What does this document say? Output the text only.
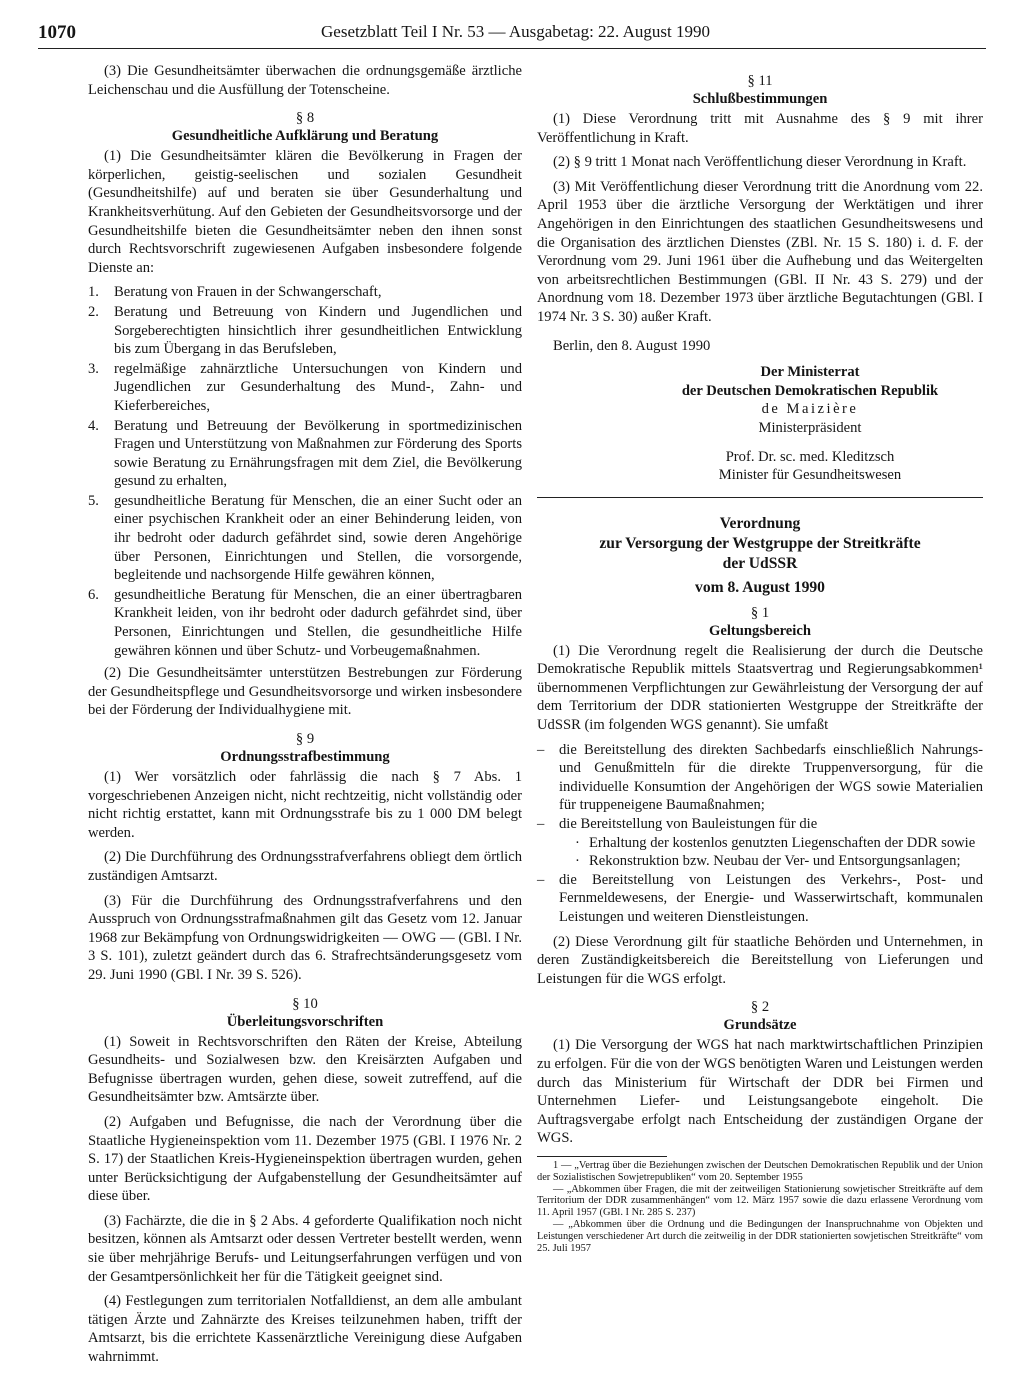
1070	Gesetzblatt Teil I Nr. 53 — Ausgabetag: 22. August 1990

(3) Die Gesundheitsämter überwachen die ordnungsgemäße ärztliche Leichenschau und die Ausfüllung der Totenscheine.

§ 8
Gesundheitliche Aufklärung und Beratung

(1) Die Gesundheitsämter klären die Bevölkerung in Fragen der körperlichen, geistig-seelischen und sozialen Gesundheit (Gesundheitshilfe) auf und beraten sie über Gesunderhaltung und Krankheitsverhütung. Auf den Gebieten der Gesundheitsvorsorge und der Gesundheitshilfe bieten die Gesundheitsämter neben den ihnen sonst durch Rechtsvorschrift zugewiesenen Aufgaben insbesondere folgende Dienste an:

1. Beratung von Frauen in der Schwangerschaft,
2. Beratung und Betreuung von Kindern und Jugendlichen und Sorgeberechtigten hinsichtlich ihrer gesundheitlichen Entwicklung bis zum Übergang in das Berufsleben,
3. regelmäßige zahnärztliche Untersuchungen von Kindern und Jugendlichen zur Gesunderhaltung des Mund-, Zahn- und Kieferbereiches,
4. Beratung und Betreuung der Bevölkerung in sportmedizinischen Fragen und Unterstützung von Maßnahmen zur Förderung des Sports sowie Beratung zu Ernährungsfragen mit dem Ziel, die Bevölkerung gesund zu erhalten,
5. gesundheitliche Beratung für Menschen, die an einer Sucht oder an einer psychischen Krankheit oder an einer Behinderung leiden, von ihr bedroht oder dadurch gefährdet sind, sowie deren Angehörige über Personen, Einrichtungen und Stellen, die vorsorgende, begleitende und nachsorgende Hilfe gewähren können,
6. gesundheitliche Beratung für Menschen, die an einer übertragbaren Krankheit leiden, von ihr bedroht oder dadurch gefährdet sind, über Personen, Einrichtungen und Stellen, die gesundheitliche Hilfe gewähren können und über Schutz- und Vorbeugemaßnahmen.

(2) Die Gesundheitsämter unterstützen Bestrebungen zur Förderung der Gesundheitspflege und Gesundheitsvorsorge und wirken insbesondere bei der Förderung der Individualhygiene mit.

§ 9
Ordnungsstrafbestimmung

(1) Wer vorsätzlich oder fahrlässig die nach § 7 Abs. 1 vorgeschriebenen Anzeigen nicht, nicht rechtzeitig, nicht vollständig oder nicht richtig erstattet, kann mit Ordnungsstrafe bis zu 1 000 DM belegt werden.

(2) Die Durchführung des Ordnungsstrafverfahrens obliegt dem örtlich zuständigen Amtsarzt.

(3) Für die Durchführung des Ordnungsstrafverfahrens und den Ausspruch von Ordnungsstrafmaßnahmen gilt das Gesetz vom 12. Januar 1968 zur Bekämpfung von Ordnungswidrigkeiten — OWG — (GBl. I Nr. 3 S. 101), zuletzt geändert durch das 6. Strafrechtsänderungsgesetz vom 29. Juni 1990 (GBl. I Nr. 39 S. 526).

§ 10
Überleitungsvorschriften

(1) Soweit in Rechtsvorschriften den Räten der Kreise, Abteilung Gesundheits- und Sozialwesen bzw. den Kreisärzten Aufgaben und Befugnisse übertragen wurden, gehen diese, soweit zutreffend, auf die Gesundheitsämter bzw. Amtsärzte über.

(2) Aufgaben und Befugnisse, die nach der Verordnung über die Staatliche Hygieneinspektion vom 11. Dezember 1975 (GBl. I 1976 Nr. 2 S. 17) der Staatlichen Kreis-Hygieneinspektion übertragen wurden, gehen unter Berücksichtigung der Aufgabenstellung der Gesundheitsämter auf diese über.

(3) Fachärzte, die die in § 2 Abs. 4 geforderte Qualifikation noch nicht besitzen, können als Amtsarzt oder dessen Vertreter bestellt werden, wenn sie über mehrjährige Berufs- und Leitungserfahrungen verfügen und von der Gesamtpersönlichkeit her für die Tätigkeit geeignet sind.

(4) Festlegungen zum territorialen Notfalldienst, an dem alle ambulant tätigen Ärzte und Zahnärzte des Kreises teilzunehmen haben, trifft der Amtsarzt, bis die errichtete Kassenärztliche Vereinigung diese Aufgaben wahrnimmt.

§ 11
Schlußbestimmungen

(1) Diese Verordnung tritt mit Ausnahme des § 9 mit ihrer Veröffentlichung in Kraft.

(2) § 9 tritt 1 Monat nach Veröffentlichung dieser Verordnung in Kraft.

(3) Mit Veröffentlichung dieser Verordnung tritt die Anordnung vom 22. April 1953 über die ärztliche Versorgung der Werktätigen und ihrer Angehörigen in den Einrichtungen des staatlichen Gesundheitswesens und die Organisation des ärztlichen Dienstes (ZBl. Nr. 15 S. 180) i. d. F. der Verordnung vom 29. Juni 1961 über die Aufhebung und das Weitergelten von arbeitsrechtlichen Bestimmungen (GBl. II Nr. 43 S. 279) und der Anordnung vom 18. Dezember 1973 über ärztliche Begutachtungen (GBl. I 1974 Nr. 3 S. 30) außer Kraft.

Berlin, den 8. August 1990
Der Ministerrat
der Deutschen Demokratischen Republik
de Maizière
Ministerpräsident
Prof. Dr. sc. med. Kleditzsch
Minister für Gesundheitswesen
Verordnung
zur Versorgung der Westgruppe der Streitkräfte
der UdSSR
vom 8. August 1990
§ 1
Geltungsbereich

(1) Die Verordnung regelt die Realisierung der durch die Deutsche Demokratische Republik mittels Staatsvertrag und Regierungsabkommen¹ übernommenen Verpflichtungen zur Gewährleistung der Versorgung der auf dem Territorium der DDR stationierten Westgruppe der Streitkräfte der UdSSR (im folgenden WGS genannt). Sie umfaßt

– die Bereitstellung des direkten Sachbedarfs einschließlich Nahrungs- und Genußmitteln für die direkte Truppenversorgung, für die individuelle Konsumtion der Angehörigen der WGS sowie Materialien für truppeneigene Baumaßnahmen;
– die Bereitstellung von Bauleistungen für die
· Erhaltung der kostenlos genutzten Liegenschaften der DDR sowie
· Rekonstruktion bzw. Neubau der Ver- und Entsorgungsanlagen;
– die Bereitstellung von Leistungen des Verkehrs-, Post- und Fernmeldewesens, der Energie- und Wasserwirtschaft, kommunalen Leistungen und weiteren Dienstleistungen.

(2) Diese Verordnung gilt für staatliche Behörden und Unternehmen, in deren Zuständigkeitsbereich die Bereitstellung von Lieferungen und Leistungen für die WGS erfolgt.

§ 2
Grundsätze

(1) Die Versorgung der WGS hat nach marktwirtschaftlichen Prinzipien zu erfolgen. Für die von der WGS benötigten Waren und Leistungen werden durch das Ministerium für Wirtschaft der DDR bei Firmen und Unternehmen Liefer- und Leistungsangebote eingeholt. Die Auftragsvergabe erfolgt nach Entscheidung der zuständigen Organe der WGS.

1 — „Vertrag über die Beziehungen zwischen der Deutschen Demokratischen Republik und der Union der Sozialistischen Sowjetrepubliken“ vom 20. September 1955

— „Abkommen über Fragen, die mit der zeitweiligen Stationierung sowjetischer Streitkräfte auf dem Territorium der DDR zusammenhängen“ vom 12. März 1957 sowie die dazu erlassene Verordnung vom 11. April 1957 (GBl. I Nr. 285 S. 237)

— „Abkommen über die Ordnung und die Bedingungen der Inanspruchnahme von Objekten und Leistungen verschiedener Art durch die zeitweilig in der DDR stationierten sowjetischen Streitkräfte“ vom 25. Juli 1957
